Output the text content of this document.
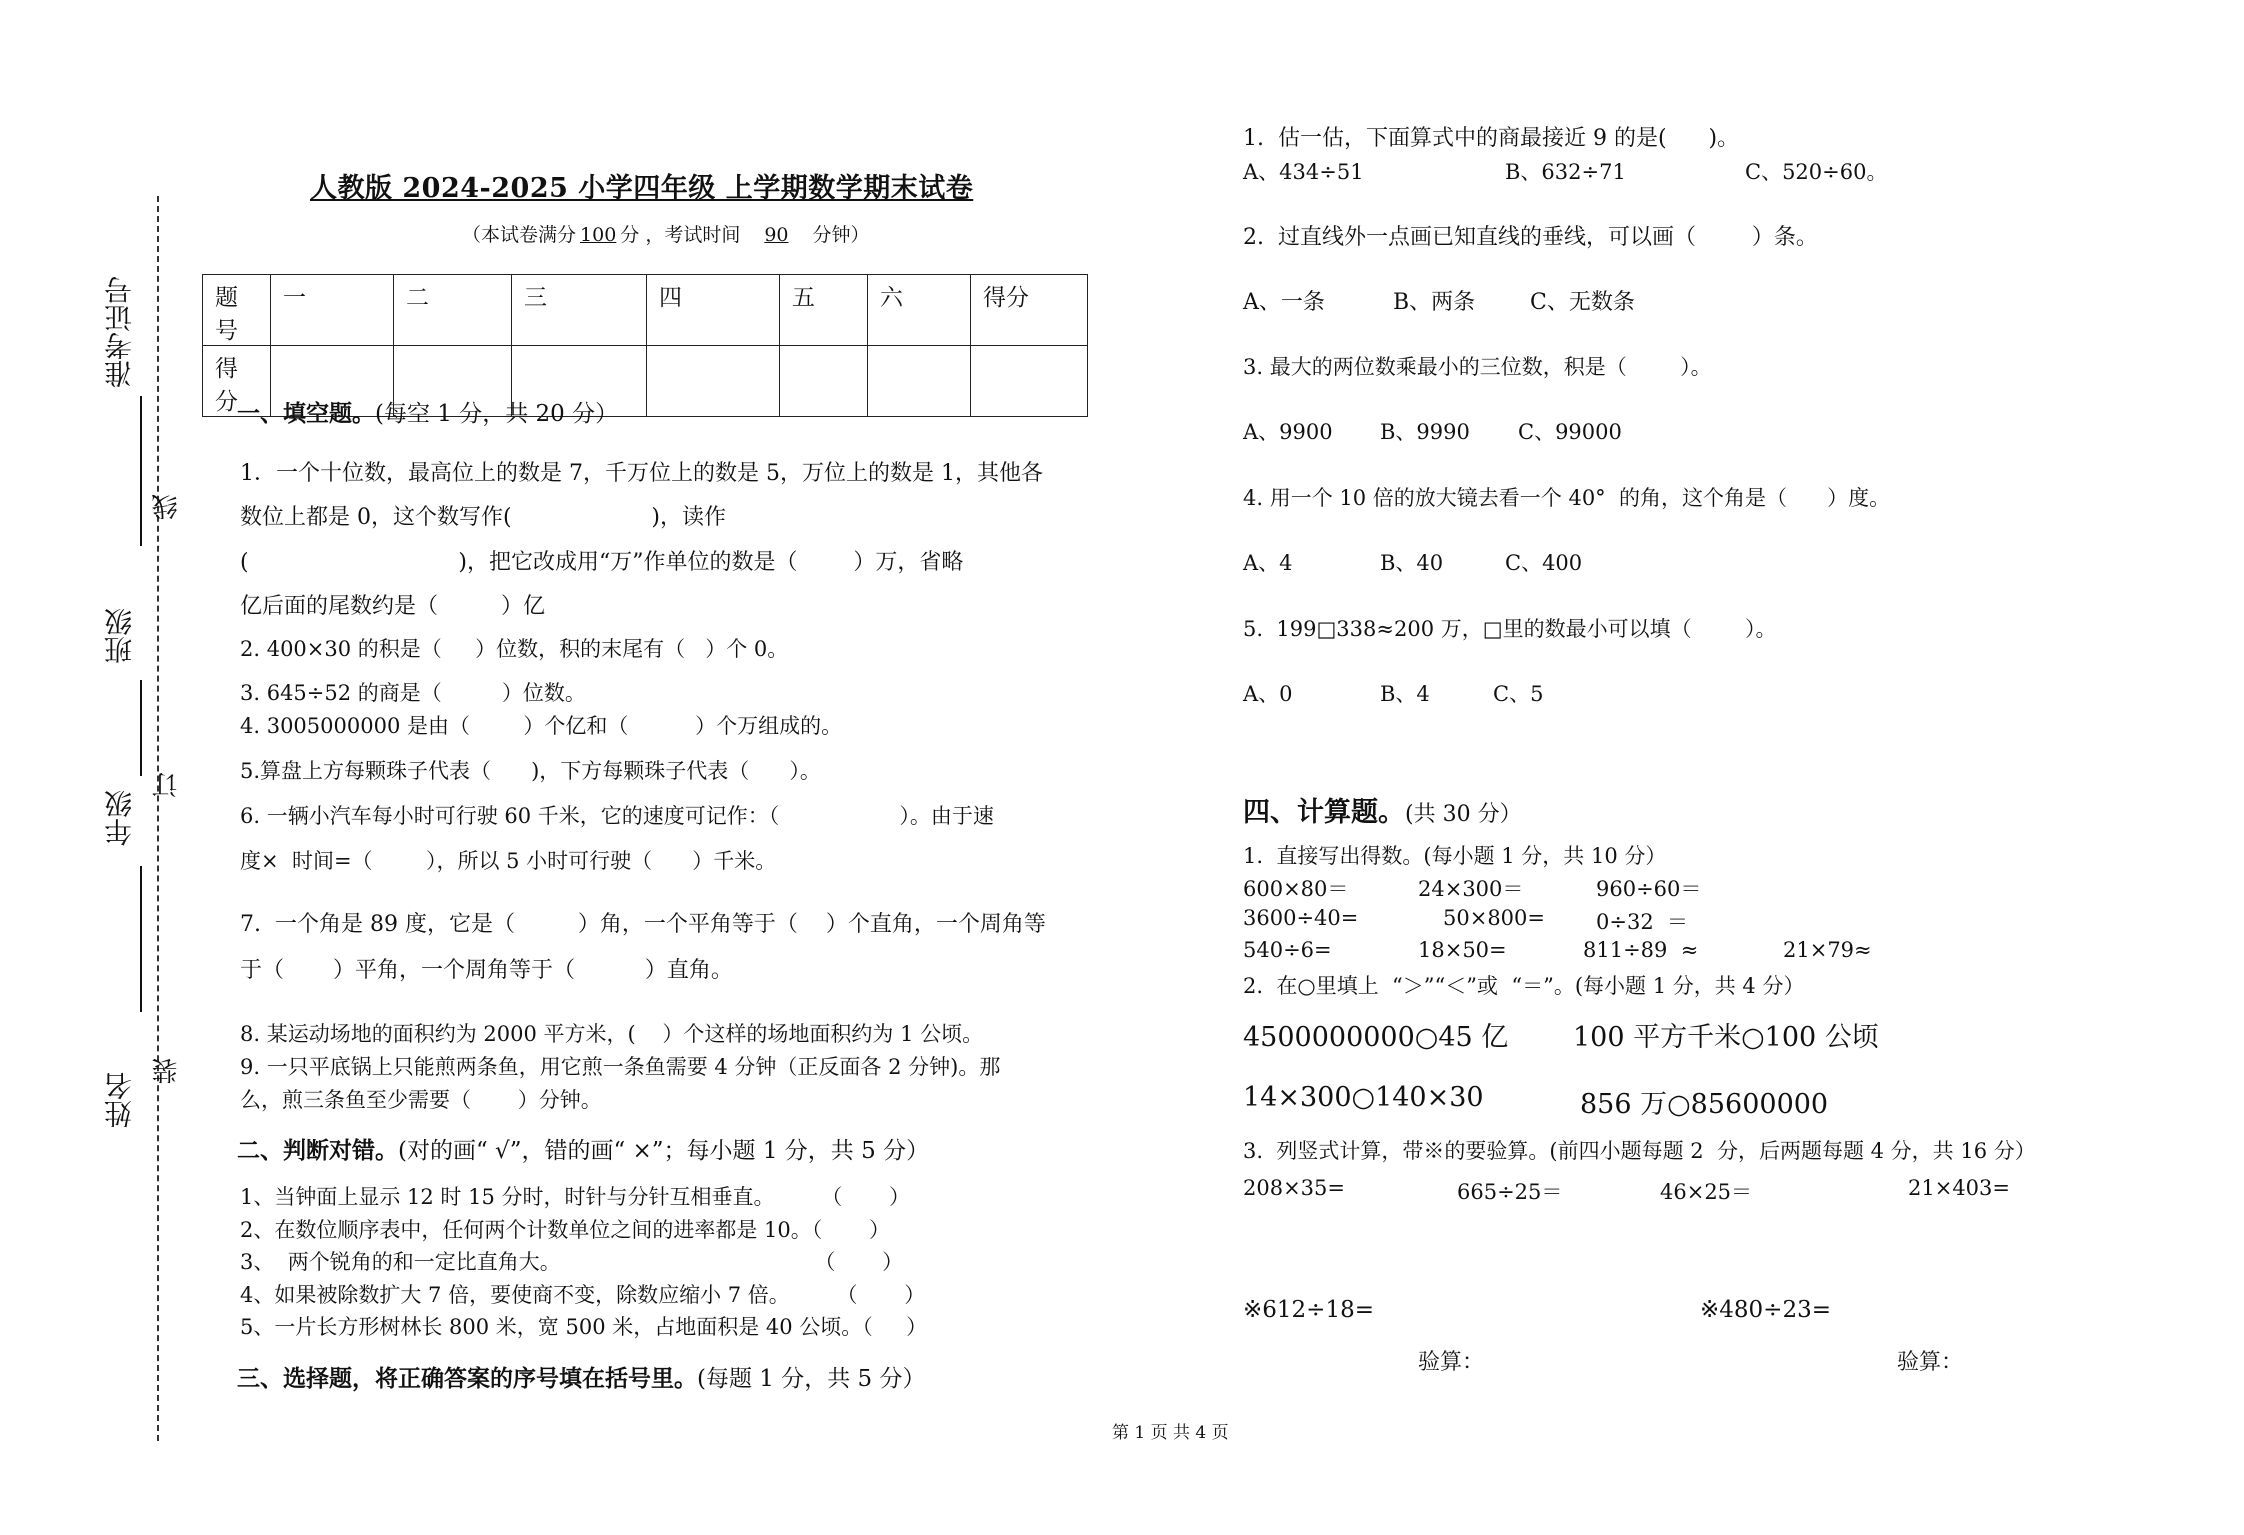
准考证号
线
班级
年级
订
姓名
装
人教版 2024-2025 小学四年级 上学期数学期末试卷
（本试卷满分 100 分 ，考试时间 90 分钟）
题号	一	二	三	四	五	六	得分
得分							一、填空题。(每空 1 分，共 20 分）
1．一个十位数，最高位上的数是 7，千万位上的数是 5，万位上的数是 1，其他各
数位上都是 0，这个数写作(                    )，读作
(                              )，把它改成用“万”作单位的数是（        ）万，省略
亿后面的尾数约是（         ）亿
2. 400×30 的积是（     ）位数，积的末尾有（   ）个 0。
3. 645÷52 的商是（         ）位数。
4. 3005000000 是由（        ）个亿和（          ）个万组成的。
5.算盘上方每颗珠子代表（      )，下方每颗珠子代表（      ）。
6. 一辆小汽车每小时可行驶 60 千米，它的速度可记作：（                  ）。由于速
度×  时间=（        ），所以 5 小时可行驶（      ）千米。
7.  一个角是 89 度，它是（         ）角，一个平角等于（    ）个直角，一个周角等
于（       ）平角，一个周角等于（          ）直角。
8. 某运动场地的面积约为 2000 平方米，(    ）个这样的场地面积约为 1 公顷。
9. 一只平底锅上只能煎两条鱼，用它煎一条鱼需要 4 分钟（正反面各 2 分钟)。那
么，煎三条鱼至少需要（       ）分钟。
二、判断对错。(对的画“ √”，错的画“ ×”；每小题 1 分，共 5 分）
1、当钟面上显示 12 时 15 分时，时针与分针互相垂直。       （       ）
2、在数位顺序表中，任何两个计数单位之间的进率都是 10。（       ）
3、  两个锐角的和一定比直角大。                                      （       ）
4、如果被除数扩大 7 倍，要使商不变，除数应缩小 7 倍。       （       ）
5、一片长方形树林长 800 米，宽 500 米，占地面积是 40 公顷。（     ）
三、选择题，将正确答案的序号填在括号里。(每题 1 分，共 5 分）
1.  估一估，下面算式中的商最接近 9 的是(      )。
A、434÷51	B、632÷71	C、520÷60。
2.  过直线外一点画已知直线的垂线，可以画（        ）条。
A、一条	B、两条 C、无数条
3. 最大的两位数乘最小的三位数，积是（        ）。
A、9900 B、9990 C、99000
4. 用一个 10 倍的放大镜去看一个 40°  的角，这个角是（      ）度。
A、4	B、40	C、400
5.  199□338≈200 万，□里的数最小可以填（        ）。
A、0	B、4	C、5
四、计算题。(共 30 分）
1.  直接写出得数。(每小题 1 分，共 10 分）
600×80＝	24×300＝	960÷60＝
3600÷40=	50×800= 0÷32  ＝
540÷6=	18×50=	811÷89  ≈	21×79≈
2.  在○里填上  “＞”“＜”或  “＝”。(每小题 1 分，共 4 分）
4500000000○45 亿 100 平方千米○100 公顷
14×300○140×30	856 万○85600000
3.  列竖式计算，带※的要验算。(前四小题每题 2  分，后两题每题 4 分，共 16 分）
208×35=	665÷25＝	46×25＝	21×403=
※612÷18=	※480÷23=
验算：	验算：
第 1 页 共 4 页
